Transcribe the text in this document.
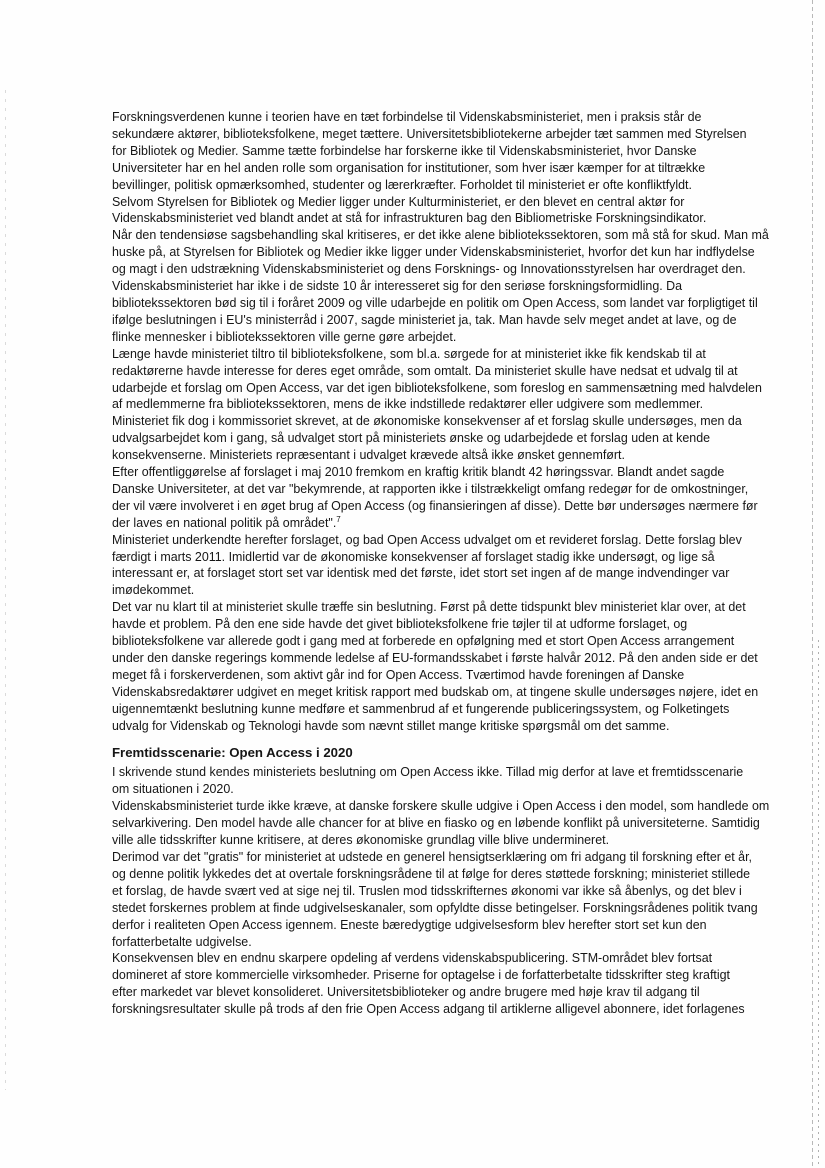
Forskningsverdenen kunne i teorien have en tæt forbindelse til Videnskabsministeriet, men i praksis står de
sekundære aktører, biblioteksfolkene, meget tættere. Universitetsbibliotekerne arbejder tæt sammen med Styrelsen
for Bibliotek og Medier. Samme tætte forbindelse har forskerne ikke til Videnskabsministeriet, hvor Danske
Universiteter har en hel anden rolle som organisation for institutioner, som hver især kæmper for at tiltrække
bevillinger, politisk opmærksomhed, studenter og lærerkræfter. Forholdet til ministeriet er ofte konfliktfyldt.
Selvom Styrelsen for Bibliotek og Medier ligger under Kulturministeriet, er den blevet en central aktør for
Videnskabsministeriet ved blandt andet at stå for infrastrukturen bag den Bibliometriske Forskningsindikator.
Når den tendensiøse sagsbehandling skal kritiseres, er det ikke alene bibliotekssektoren, som må stå for skud. Man må
huske på, at Styrelsen for Bibliotek og Medier ikke ligger under Videnskabsministeriet, hvorfor det kun har indflydelse
og magt i den udstrækning Videnskabsministeriet og dens Forsknings- og Innovationsstyrelsen har overdraget den.
Videnskabsministeriet har ikke i de sidste 10 år interesseret sig for den seriøse forskningsformidling. Da
bibliotekssektoren bød sig til i foråret 2009 og ville udarbejde en politik om Open Access, som landet var forpligtiget til
ifølge beslutningen i EU's ministerråd i 2007, sagde ministeriet ja, tak. Man havde selv meget andet at lave, og de
flinke mennesker i bibliotekssektoren ville gerne gøre arbejdet.
Længe havde ministeriet tiltro til biblioteksfolkene, som bl.a. sørgede for at ministeriet ikke fik kendskab til at
redaktørerne havde interesse for deres eget område, som omtalt. Da ministeriet skulle have nedsat et udvalg til at
udarbejde et forslag om Open Access, var det igen biblioteksfolkene, som foreslog en sammensætning med halvdelen
af medlemmerne fra bibliotekssektoren, mens de ikke indstillede redaktører eller udgivere som medlemmer.
Ministeriet fik dog i kommissoriet skrevet, at de økonomiske konsekvenser af et forslag skulle undersøges, men da
udvalgsarbejdet kom i gang, så udvalget stort på ministeriets ønske og udarbejdede et forslag uden at kende
konsekvenserne. Ministeriets repræsentant i udvalget krævede altså ikke ønsket gennemført.
Efter offentliggørelse af forslaget i maj 2010 fremkom en kraftig kritik blandt 42 høringssvar. Blandt andet sagde
Danske Universiteter, at det var "bekymrende, at rapporten ikke i tilstrækkeligt omfang redegør for de omkostninger,
der vil være involveret i en øget brug af Open Access (og finansieringen af disse). Dette bør undersøges nærmere før
der laves en national politik på området".$^7$
Ministeriet underkendte herefter forslaget, og bad Open Access udvalget om et revideret forslag. Dette forslag blev
færdigt i marts 2011. Imidlertid var de økonomiske konsekvenser af forslaget stadig ikke undersøgt, og lige så
interessant er, at forslaget stort set var identisk med det første, idet stort set ingen af de mange indvendinger var
imødekommet.
Det var nu klart til at ministeriet skulle træffe sin beslutning. Først på dette tidspunkt blev ministeriet klar over, at det
havde et problem. På den ene side havde det givet biblioteksfolkene frie tøjler til at udforme forslaget, og
biblioteksfolkene var allerede godt i gang med at forberede en opfølgning med et stort Open Access arrangement
under den danske regerings kommende ledelse af EU-formandsskabet i første halvår 2012. På den anden side er det
meget få i forskerverdenen, som aktivt går ind for Open Access. Tværtimod havde foreningen af Danske
Videnskabsredaktører udgivet en meget kritisk rapport med budskab om, at tingene skulle undersøges nøjere, idet en
uigennemtænkt beslutning kunne medføre et sammenbrud af et fungerende publiceringssystem, og Folketingets
udvalg for Videnskab og Teknologi havde som nævnt stillet mange kritiske spørgsmål om det samme.
Fremtidsscenarie: Open Access i 2020
I skrivende stund kendes ministeriets beslutning om Open Access ikke. Tillad mig derfor at lave et fremtidsscenarie
om situationen i 2020.
Videnskabsministeriet turde ikke kræve, at danske forskere skulle udgive i Open Access i den model, som handlede om
selvarkivering. Den model havde alle chancer for at blive en fiasko og en løbende konflikt på universiteterne. Samtidig
ville alle tidsskrifter kunne kritisere, at deres økonomiske grundlag ville blive undermineret.
Derimod var det "gratis" for ministeriet at udstede en generel hensigtserklæring om fri adgang til forskning efter et år,
og denne politik lykkedes det at overtale forskningsrådene til at følge for deres støttede forskning; ministeriet stillede
et forslag, de havde svært ved at sige nej til. Truslen mod tidsskrifternes økonomi var ikke så åbenlys, og det blev i
stedet forskernes problem at finde udgivelseskanaler, som opfyldte disse betingelser. Forskningsrådenes politik tvang
derfor i realiteten Open Access igennem. Eneste bæredygtige udgivelsesform blev herefter stort set kun den
forfatterbetalte udgivelse.
Konsekvensen blev en endnu skarpere opdeling af verdens videnskabspublicering. STM-området blev fortsat
domineret af store kommercielle virksomheder. Priserne for optagelse i de forfatterbetalte tidsskrifter steg kraftigt
efter markedet var blevet konsolideret. Universitetsbiblioteker og andre brugere med høje krav til adgang til
forskningsresultater skulle på trods af den frie Open Access adgang til artiklerne alligevel abonnere, idet forlagenes
